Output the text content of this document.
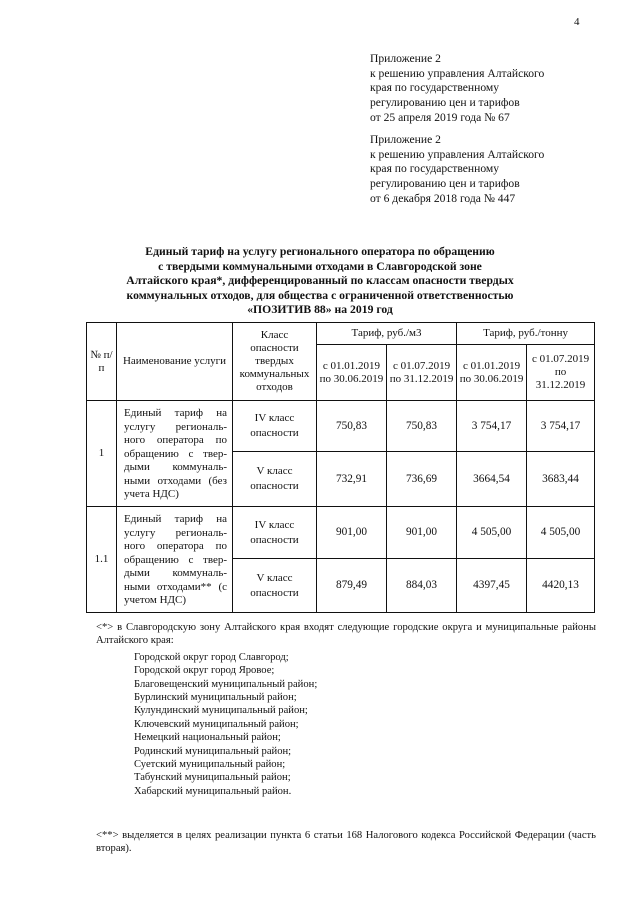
4
Приложение 2
к решению управления Алтайского
края по государственному
регулированию цен и тарифов
от 25 апреля 2019 года № 67
Приложение 2
к решению управления Алтайского
края по государственному
регулированию цен и тарифов
от 6 декабря 2018 года № 447
Единый тариф на услугу регионального оператора по обращению
с твердыми коммунальными отходами в Славгородской зоне
Алтайского края*, дифференцированный по классам опасности твердых
коммунальных отходов, для общества с ограниченной ответственностью
«ПОЗИТИВ 88» на 2019 год
№ п/п	Наименование услуги	Класс опасности твердых коммунальных отходов	Тариф, руб./м3		Тариф, руб./тонну	
			с 01.01.2019 по 30.06.2019	с 01.07.2019 по 31.12.2019	с 01.01.2019 по 30.06.2019	с 01.07.2019 по 31.12.2019
1	Единый тариф на услугу региональ-ного оператора по обращению с твер-дыми коммуналь-ными отходами (без учета НДС)	IV класс опасности	750,83	750,83	3 754,17	3 754,17
		V класс опасности	732,91	736,69	3664,54	3683,44
1.1	Единый тариф на услугу региональ-ного оператора по обращению с твер-дыми коммуналь-ными отходами** (с учетом НДС)	IV класс опасности	901,00	901,00	4 505,00	4 505,00
		V класс опасности	879,49	884,03	4397,45	4420,13
<*> в Славгородскую зону Алтайского края входят следующие городские округа и муниципальные районы Алтайского края:
Городской округ город Славгород;
Городской округ город Яровое;
Благовещенский муниципальный район;
Бурлинский муниципальный район;
Кулундинский муниципальный район;
Ключевский муниципальный район;
Немецкий национальный район;
Родинский муниципальный район;
Суетский муниципальный район;
Табунский муниципальный район;
Хабарский муниципальный район.
<**> выделяется в целях реализации пункта 6 статьи 168 Налогового кодекса Российской Федерации (часть вторая).
